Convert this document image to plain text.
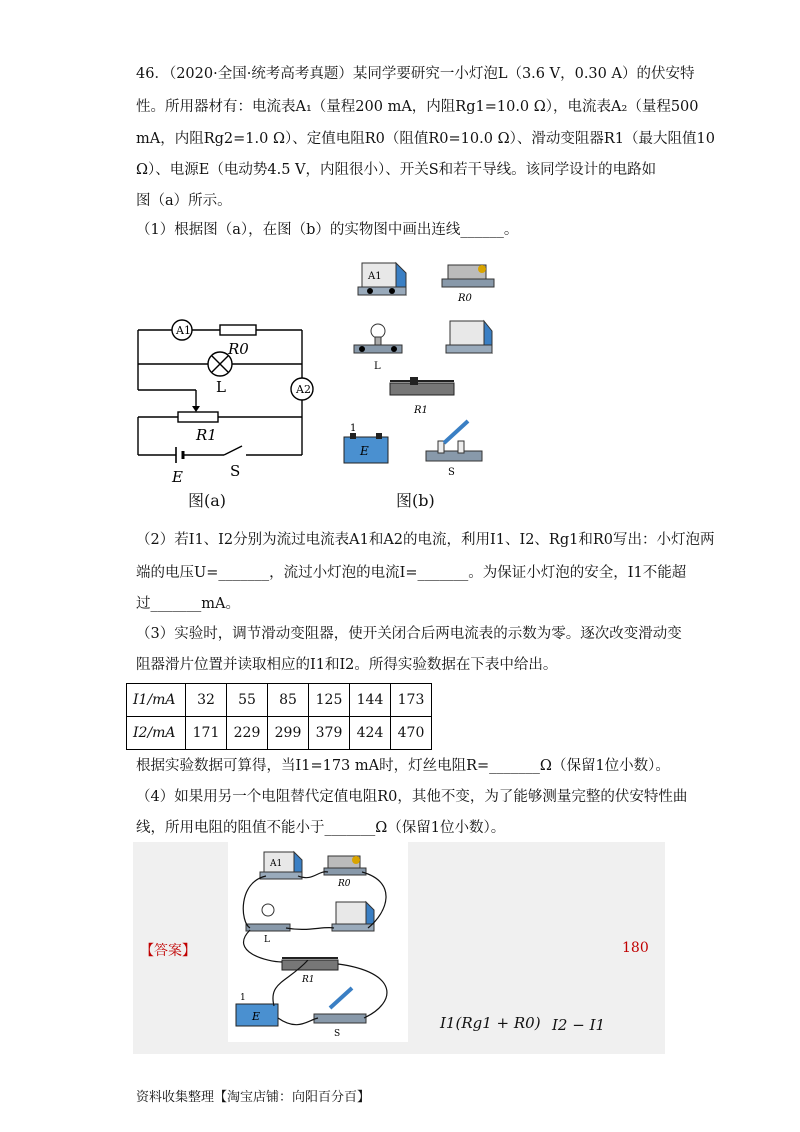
46．（2020·全国·统考高考真题）某同学要研究一小灯泡L（3.6 V，0.30 A）的伏安特
性。所用器材有：电流表A₁（量程200 mA，内阻Rg1=10.0 Ω），电流表A₂（量程500
mA，内阻Rg2=1.0 Ω）、定值电阻R0（阻值R0=10.0 Ω）、滑动变阻器R1（最大阻值10
Ω）、电源E（电动势4.5 V，内阻很小）、开关S和若干导线。该同学设计的电路如
图（a）所示。
（1）根据图（a），在图（b）的实物图中画出连线______。
A1
A2
R0
L
R1
E	S
图(a)
A1
R0
L
R1
1
E
S
图(b)
（2）若I1、I2分别为流过电流表A1和A2的电流，利用I1、I2、Rg1和R0写出：小灯泡两
端的电压U=_______，流过小灯泡的电流I=_______。为保证小灯泡的安全，I1不能超
过_______mA。
（3）实验时，调节滑动变阻器，使开关闭合后两电流表的示数为零。逐次改变滑动变
阻器滑片位置并读取相应的I1和I2。所得实验数据在下表中给出。
I1/mA	32	55	85	125	144	173
I2/mA	171	229	299	379	424	470
根据实验数据可算得，当I1=173 mA时，灯丝电阻R=_______Ω（保留1位小数）。
（4）如果用另一个电阻替代定值电阻R0，其他不变，为了能够测量完整的伏安特性曲
线，所用电阻的阻值不能小于_______Ω（保留1位小数）。
A1
R0
L
R1
1
E
S
【答案】	180
I1(Rg1 + R0) I2 − I1
资料收集整理【淘宝店铺：向阳百分百】
